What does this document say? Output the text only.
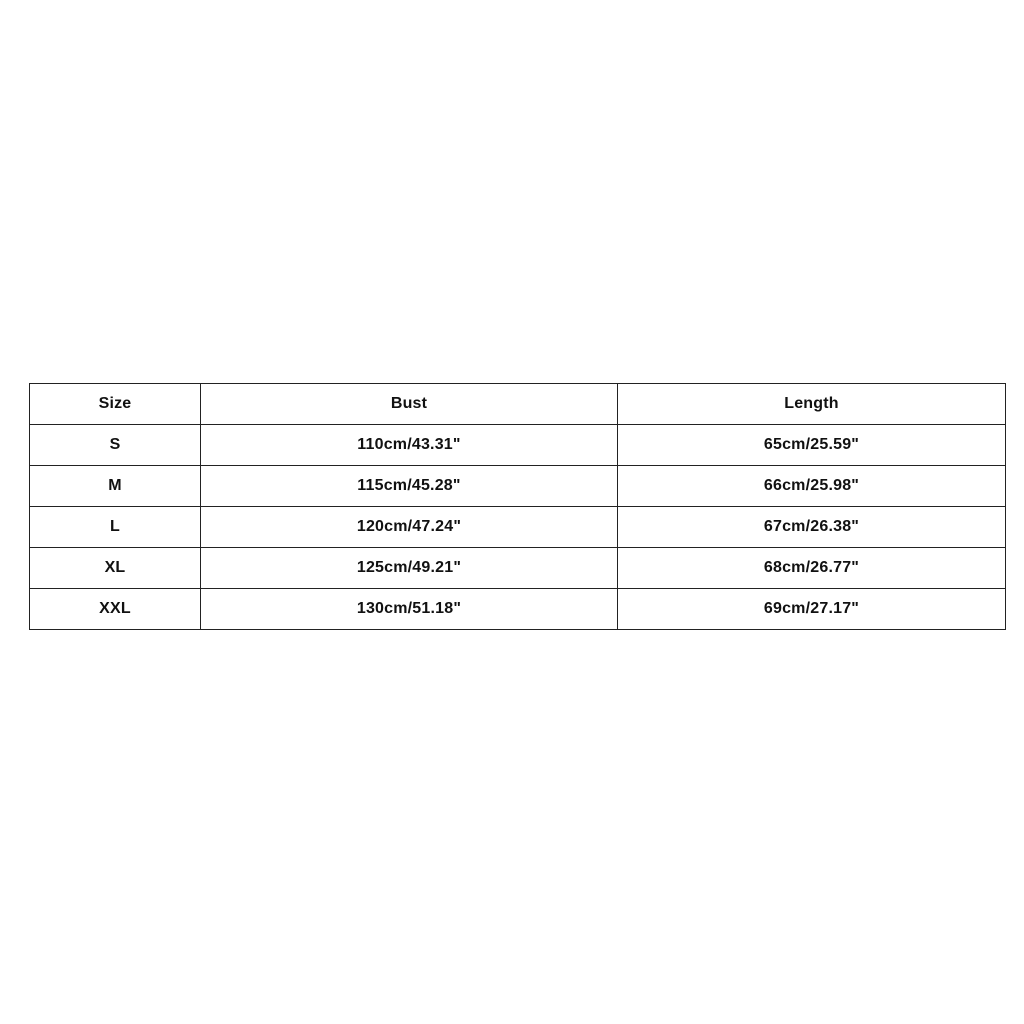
Size	Bust	Length
S	110cm/43.31"	65cm/25.59"
M	115cm/45.28"	66cm/25.98"
L	120cm/47.24"	67cm/26.38"
XL	125cm/49.21"	68cm/26.77"
XXL	130cm/51.18"	69cm/27.17"
